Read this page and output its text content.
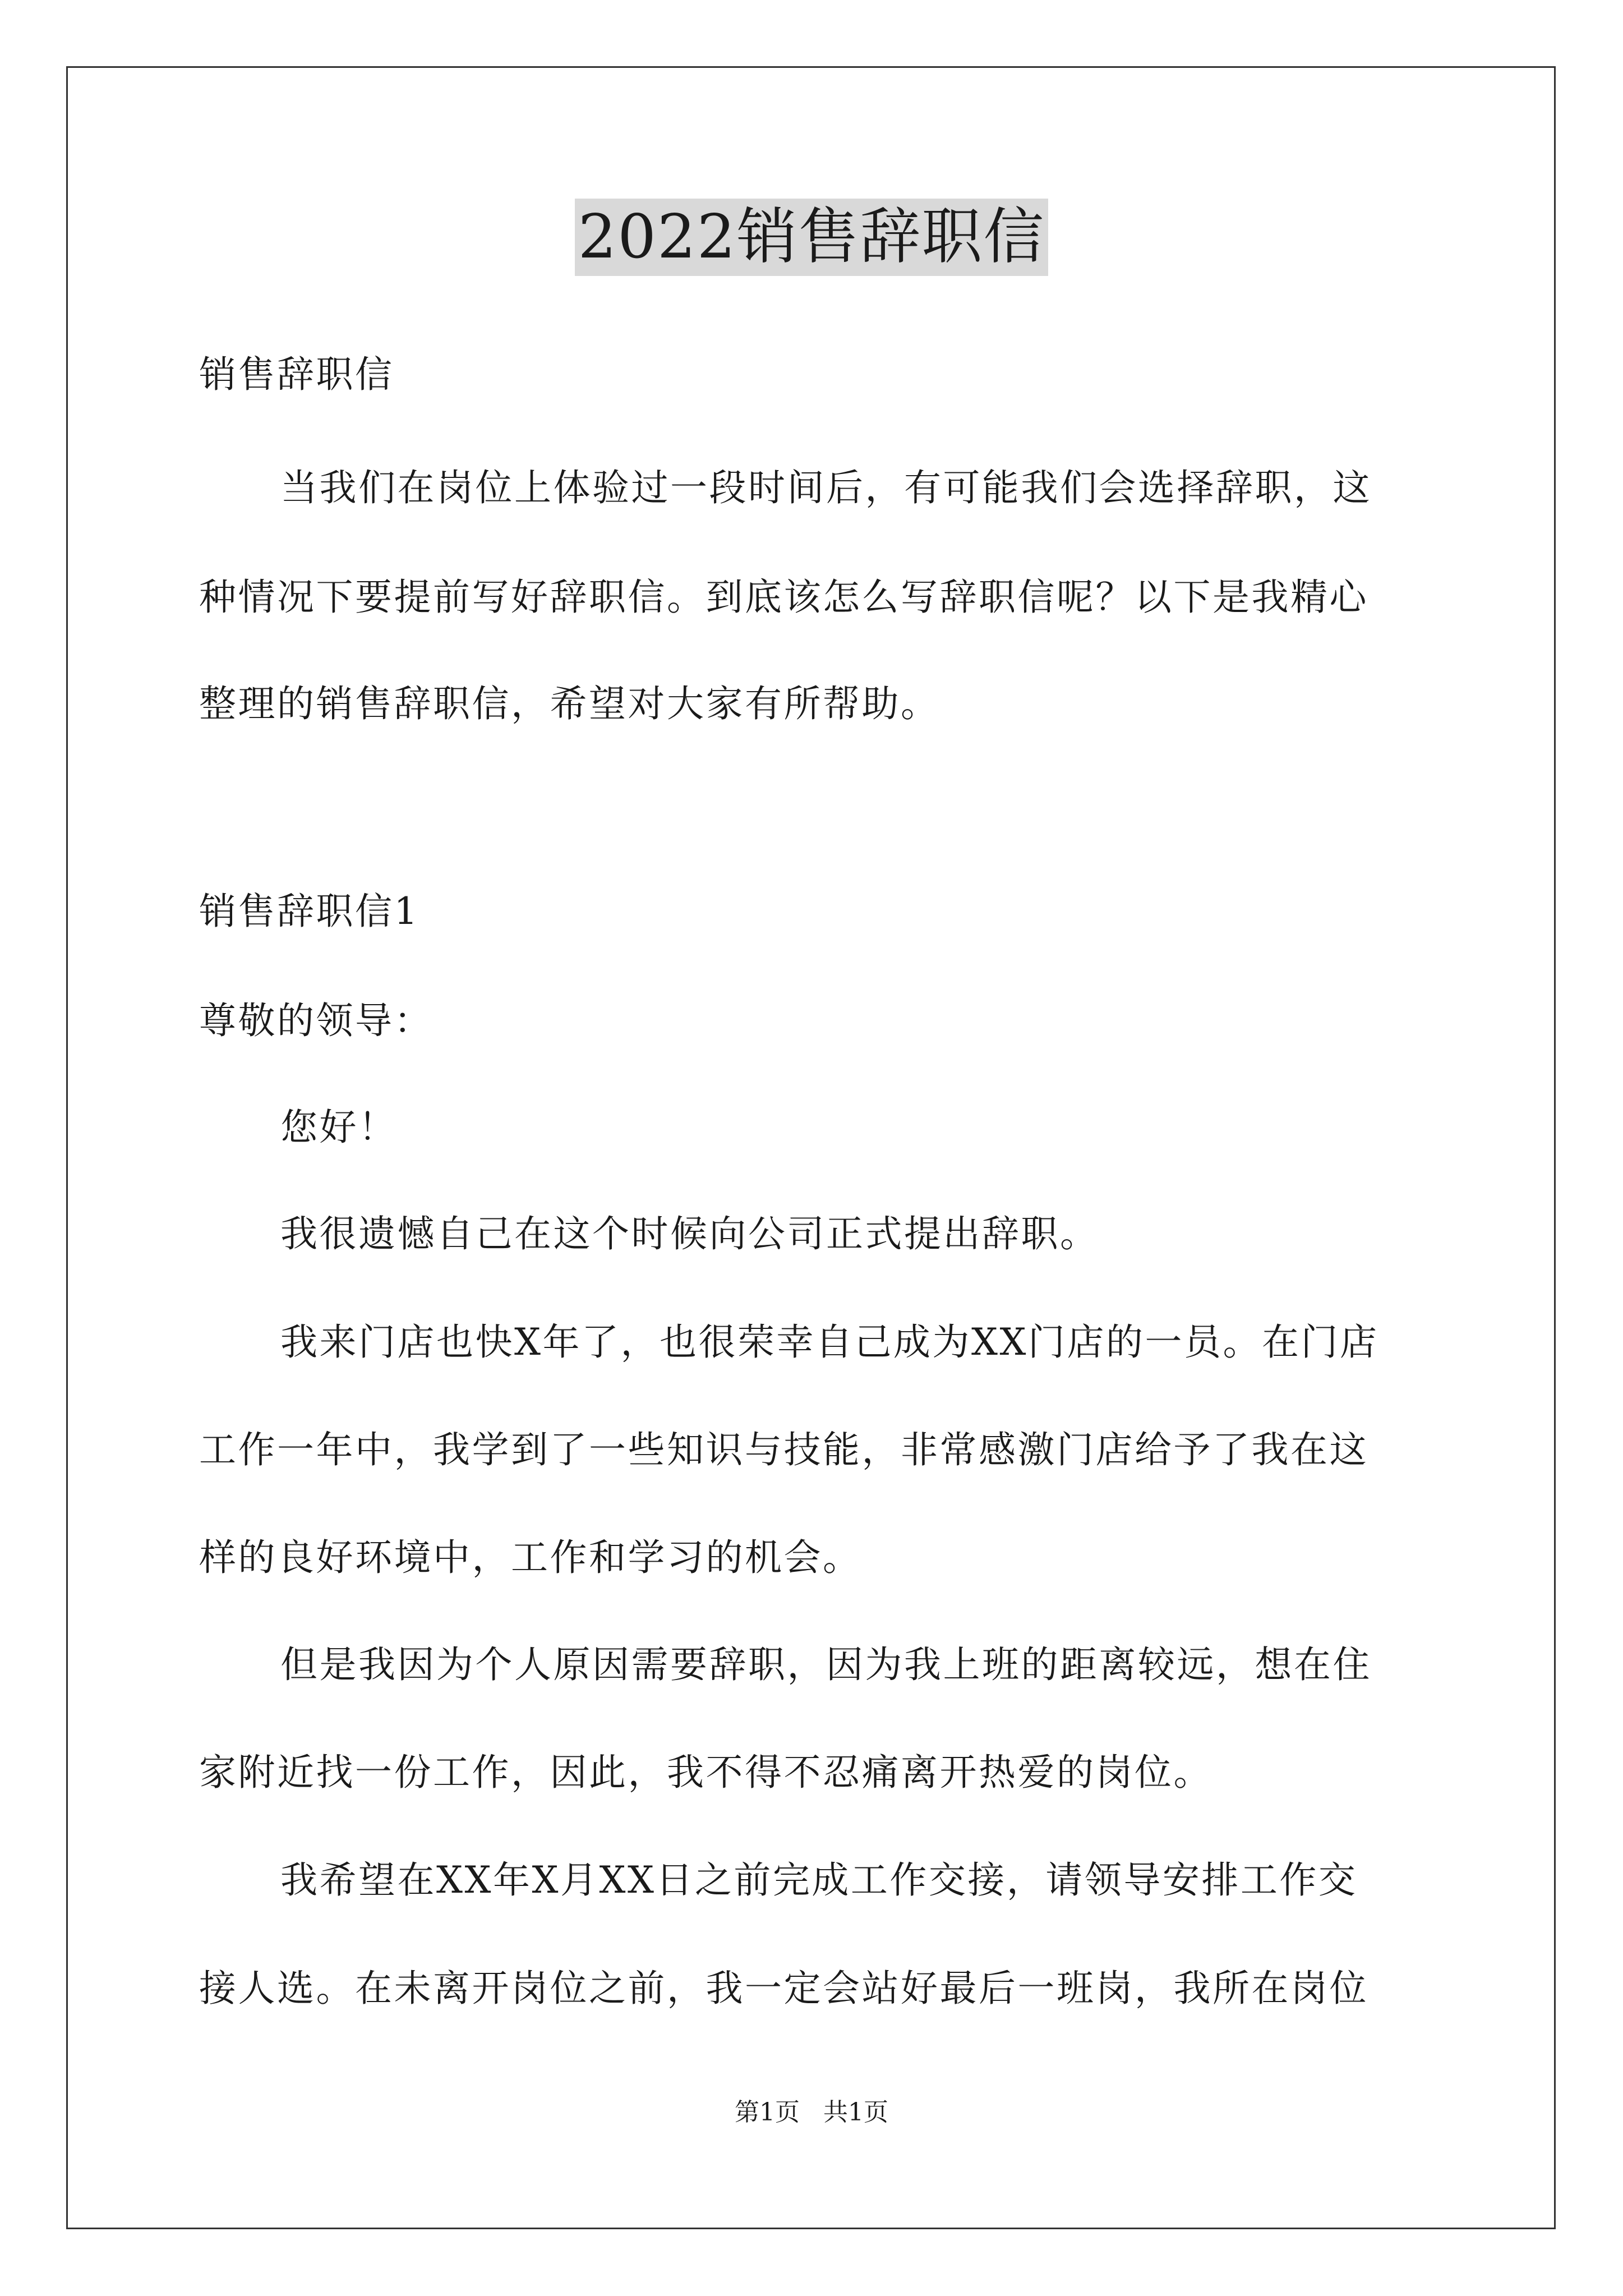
2022销售辞职信
销售辞职信
当我们在岗位上体验过一段时间后，有可能我们会选择辞职，这
种情况下要提前写好辞职信。到底该怎么写辞职信呢？以下是我精心
整理的销售辞职信，希望对大家有所帮助。
销售辞职信1
尊敬的领导：
您好！
我很遗憾自己在这个时候向公司正式提出辞职。
我来门店也快X年了，也很荣幸自己成为XX门店的一员。在门店
工作一年中，我学到了一些知识与技能，非常感激门店给予了我在这
样的良好环境中，工作和学习的机会。
但是我因为个人原因需要辞职，因为我上班的距离较远，想在住
家附近找一份工作，因此，我不得不忍痛离开热爱的岗位。
我希望在XX年X月XX日之前完成工作交接，请领导安排工作交
接人选。在未离开岗位之前，我一定会站好最后一班岗，我所在岗位
第1页   共1页
